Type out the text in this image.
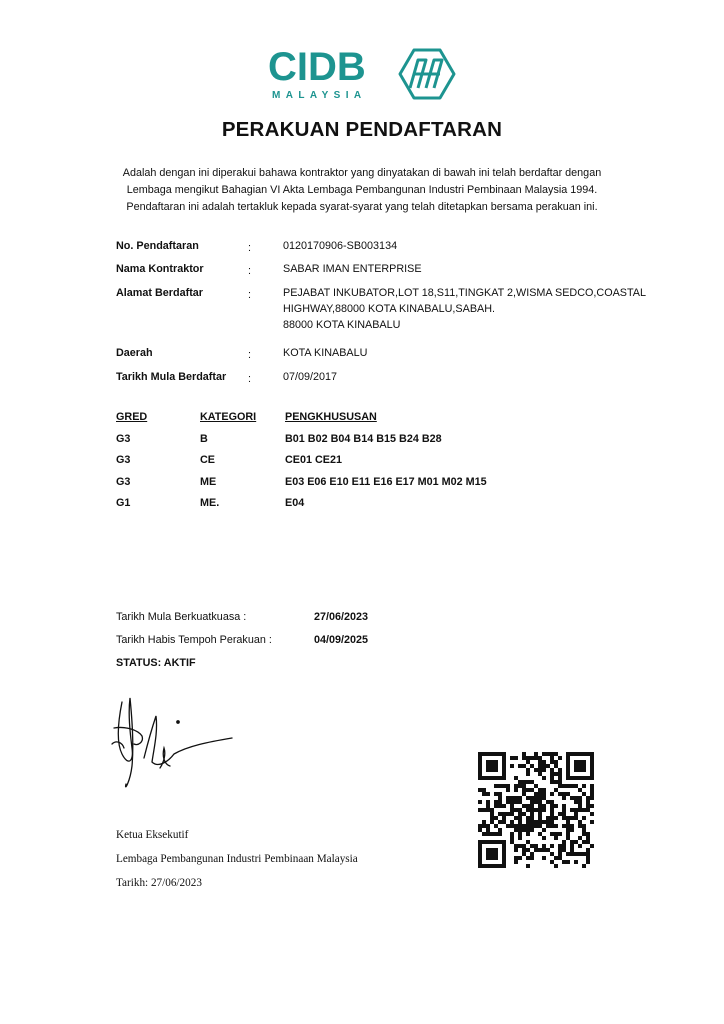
CIDB
MALAYSIA
PERAKUAN PENDAFTARAN
Adalah dengan ini diperakui bahawa kontraktor yang dinyatakan di bawah ini telah berdaftar dengan
Lembaga mengikut Bahagian VI Akta Lembaga Pembangunan Industri Pembinaan Malaysia 1994.
Pendaftaran ini adalah tertakluk kepada syarat-syarat yang telah ditetapkan bersama perakuan ini.
No. Pendaftaran	:	0120170906-SB003134
Nama Kontraktor	:	SABAR IMAN ENTERPRISE
Alamat Berdaftar	:	PEJABAT INKUBATOR,LOT 18,S11,TINGKAT 2,WISMA SEDCO,COASTAL
HIGHWAY,88000 KOTA KINABALU,SABAH.
88000 KOTA KINABALU
Daerah	:	KOTA KINABALU
Tarikh Mula Berdaftar :	07/09/2017
GRED	KATEGORI	PENGKHUSUSAN
G3	B	B01 B02 B04 B14 B15 B24 B28
G3	CE	CE01 CE21
G3	ME	E03 E06 E10 E11 E16 E17 M01 M02 M15
G1	ME.	E04
Tarikh Mula Berkuatkuasa :	27/06/2023
Tarikh Habis Tempoh Perakuan :	04/09/2025
STATUS: AKTIF
Ketua Eksekutif
Lembaga Pembangunan Industri Pembinaan Malaysia
Tarikh: 27/06/2023
